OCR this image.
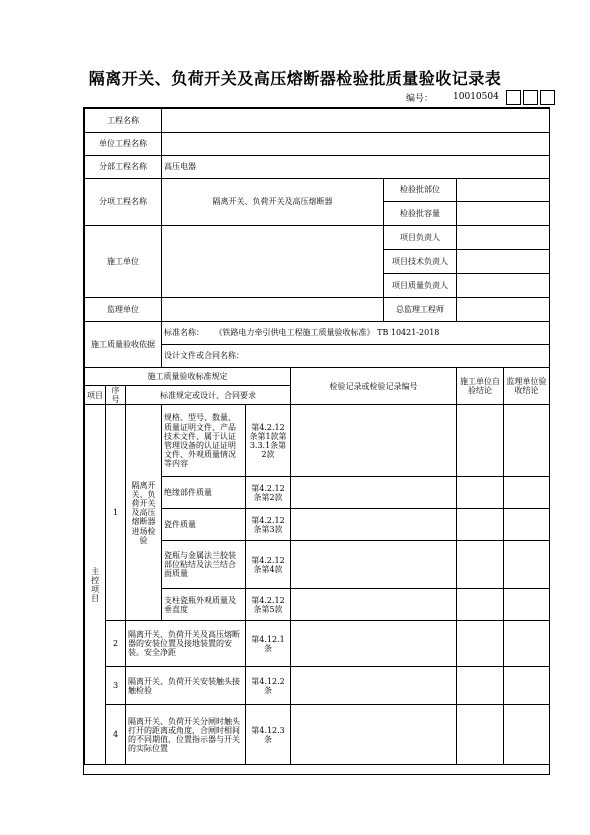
隔离开关、负荷开关及高压熔断器检验批质量验收记录表
编号： 10010504
工程名称								
单位工程名称								
分部工程名称			高压电器					
分项工程名称			隔离开关、负荷开关及高压熔断器			检验批部位		
						检验批容量		
施工单位						项目负责人		
						项目技术负责人		
						项目质量负责人		
监理单位						总监理工程师		
施工质量验收依据			标准名称： 《铁路电力牵引供电工程施工质量验收标准》 TB 10421-2018					
			设计文件或合同名称：					
施工质量验收标准规定					检验记录或检验记录编号		施工单位自验结论	监理单位验收结论
项目	序号	标准规定或设计、合同要求						
主控项目	1	隔离开关、负荷开关及高压熔断器进场检验	规格、型号、数量、质量证明文件、产品技术文件、属于认证管理设备的认证证明文件、外观质量情况等内容	第4.2.12条第1款第3.3.1条第2款				
			绝缘部件质量	第4.2.12条第2款				
			瓷件质量	第4.2.12条第3款				
			瓷瓶与金属法兰胶装部位粘结及法兰结合面质量	第4.2.12条第4款				
			支柱瓷瓶外观质量及垂直度	第4.2.12条第5款				
	2	隔离开关、负荷开关及高压熔断器的安装位置及接地装置的安装。安全净距		第4.12.1条				
	3	隔离开关、负荷开关安装触头接触检验		第4.12.2条				
	4	隔离开关、负荷开关分闸时触头打开的距离或角度，合闸时相间的不同期值，位置指示器与开关的实际位置		第4.12.3条				
